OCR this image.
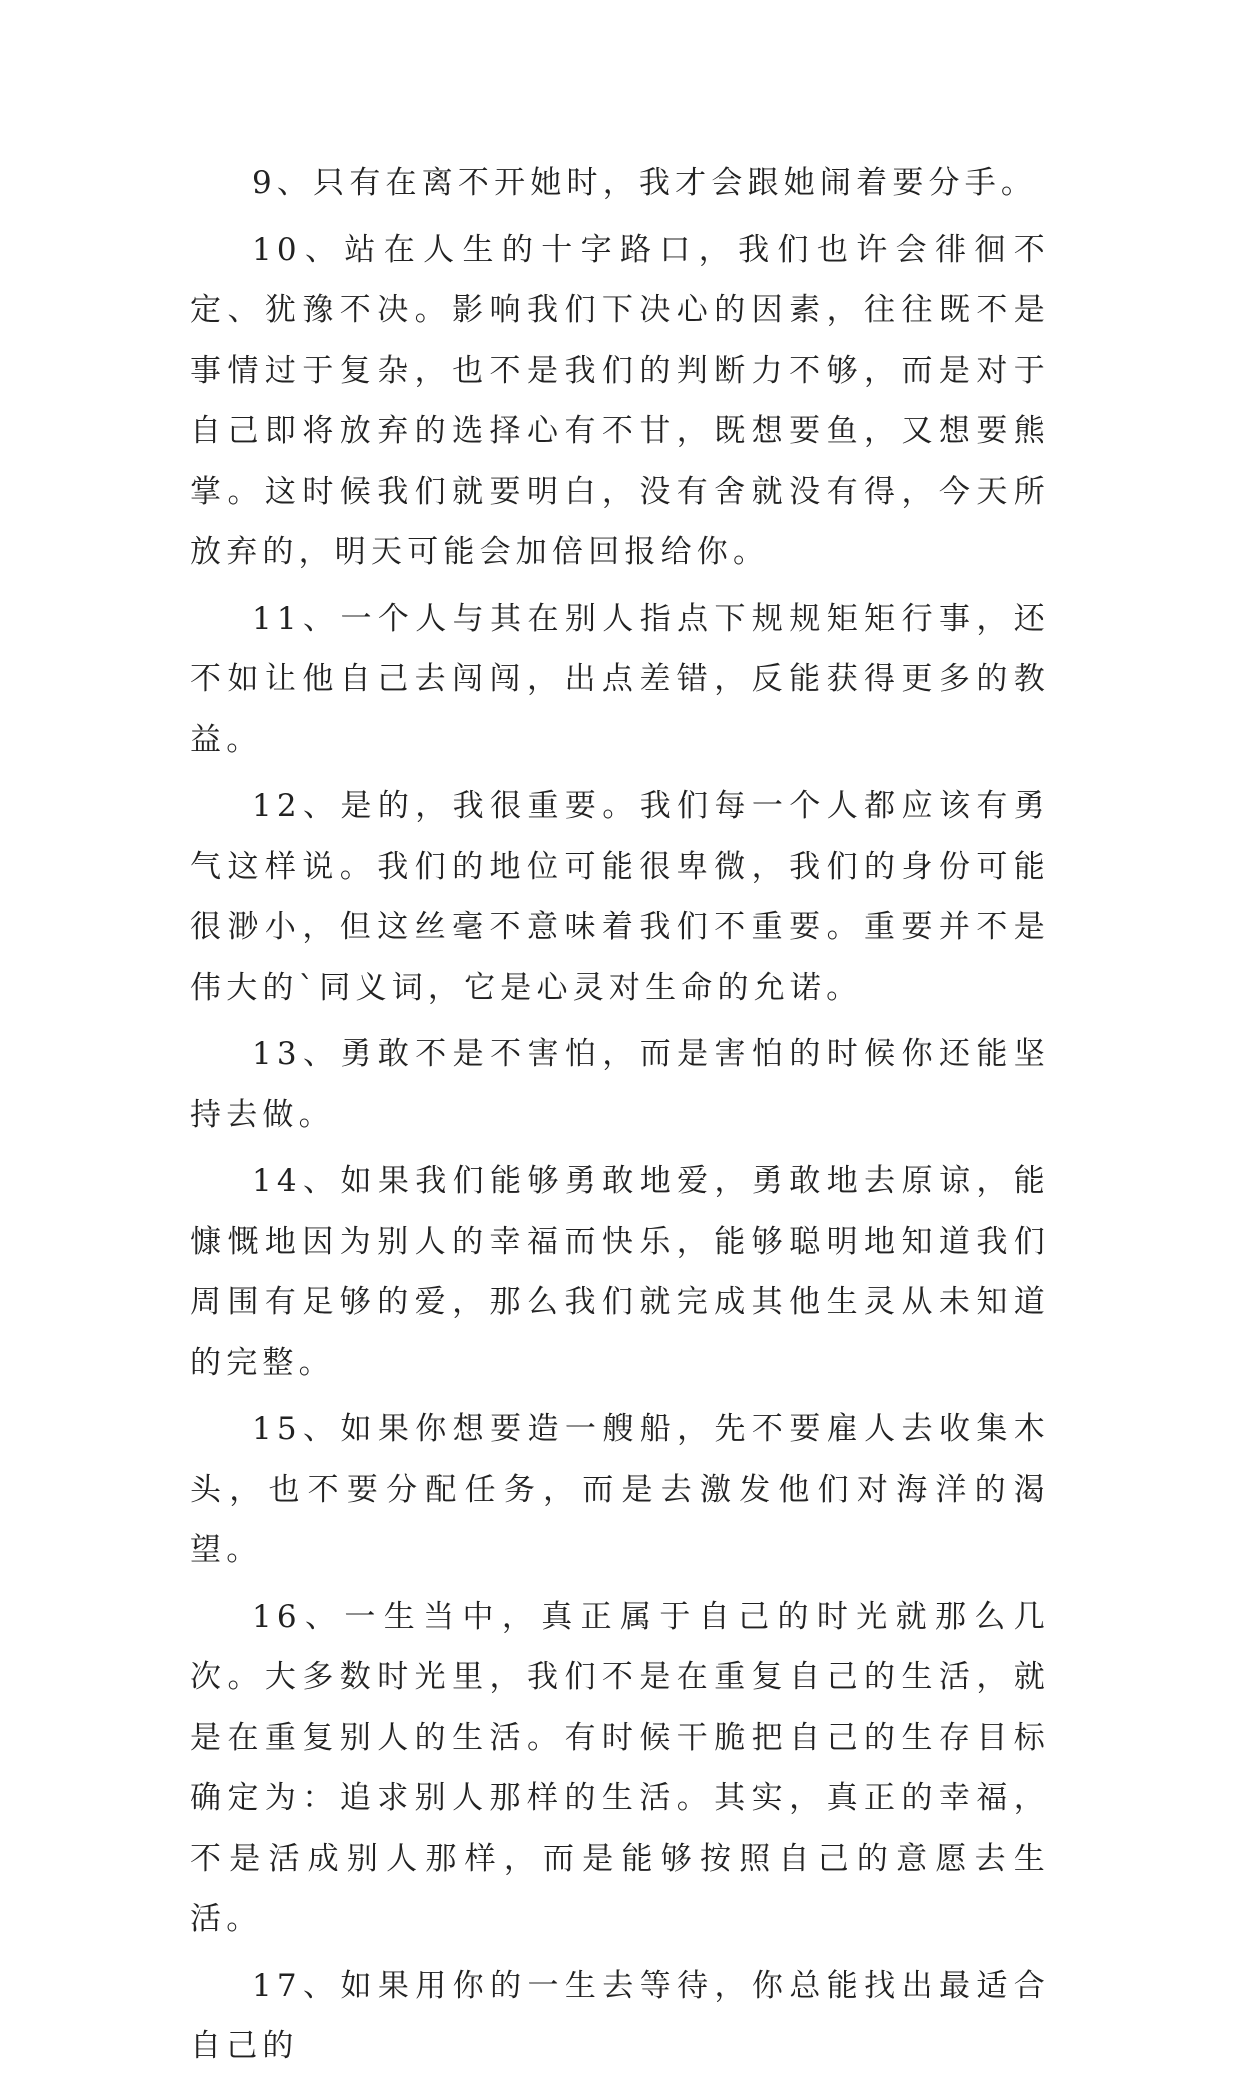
9、只有在离不开她时，我才会跟她闹着要分手。

10、站在人生的十字路口，我们也许会徘徊不定、犹豫不决。影响我们下决心的因素，往往既不是事情过于复杂，也不是我们的判断力不够，而是对于自己即将放弃的选择心有不甘，既想要鱼，又想要熊掌。这时候我们就要明白，没有舍就没有得，今天所放弃的，明天可能会加倍回报给你。

11、一个人与其在别人指点下规规矩矩行事，还不如让他自己去闯闯，出点差错，反能获得更多的教益。

12、是的，我很重要。我们每一个人都应该有勇气这样说。我们的地位可能很卑微，我们的身份可能很渺小，但这丝毫不意味着我们不重要。重要并不是伟大的`同义词，它是心灵对生命的允诺。

13、勇敢不是不害怕，而是害怕的时候你还能坚持去做。

14、如果我们能够勇敢地爱，勇敢地去原谅，能慷慨地因为别人的幸福而快乐，能够聪明地知道我们周围有足够的爱，那么我们就完成其他生灵从未知道的完整。

15、如果你想要造一艘船，先不要雇人去收集木头，也不要分配任务，而是去激发他们对海洋的渴望。

16、一生当中，真正属于自己的时光就那么几次。大多数时光里，我们不是在重复自己的生活，就是在重复别人的生活。有时候干脆把自己的生存目标确定为：追求别人那样的生活。其实，真正的幸福，不是活成别人那样，而是能够按照自己的意愿去生活。

17、如果用你的一生去等待，你总能找出最适合自己的
